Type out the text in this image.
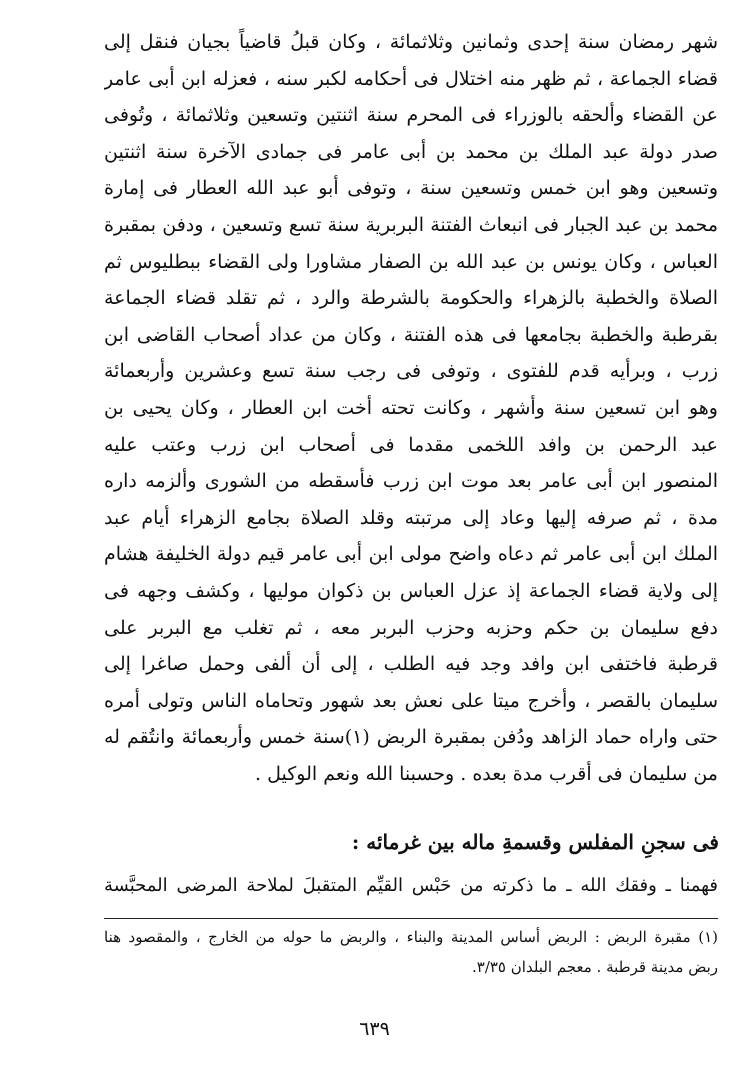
شهر رمضان سنة إحدى وثمانين وثلاثمائة ، وكان قبلُ قاضياً بجيان فنقل إلى
قضاء الجماعة ، ثم ظهر منه اختلال فى أحكامه لكبر سنه ، فعزله ابن أبى عامر
عن القضاء وألحقه بالوزراء فى المحرم سنة اثنتين وتسعين وثلاثمائة ، وتُوفى
صدر دولة عبد الملك بن محمد بن أبى عامر فى جمادى الآخرة سنة اثنتين
وتسعين وهو ابن خمس وتسعين سنة ، وتوفى أبو عبد الله العطار فى إمارة
محمد بن عبد الجبار فى انبعاث الفتنة البربرية سنة تسع وتسعين ، ودفن بمقبرة
العباس ، وكان يونس بن عبد الله بن الصفار مشاورا ولى القضاء ببطليوس ثم
الصلاة والخطبة بالزهراء والحكومة بالشرطة والرد ، ثم تقلد قضاء الجماعة
بقرطبة والخطبة بجامعها فى هذه الفتنة ، وكان من عداد أصحاب القاضى ابن
زرب ، وبرأيه قدم للفتوى ، وتوفى فى رجب سنة تسع وعشرين وأربعمائة
وهو ابن تسعين سنة وأشهر ، وكانت تحته أخت ابن العطار ، وكان يحيى بن
عبد الرحمن بن وافد اللخمى مقدما فى أصحاب ابن زرب وعتب عليه
المنصور ابن أبى عامر بعد موت ابن زرب فأسقطه من الشورى وألزمه داره
مدة ، ثم صرفه إليها وعاد إلى مرتبته وقلد الصلاة بجامع الزهراء أيام عبد
الملك ابن أبى عامر ثم دعاه واضح مولى ابن أبى عامر قيم دولة الخليفة هشام
إلى ولاية قضاء الجماعة إذ عزل العباس بن ذكوان موليها ، وكشف وجهه فى
دفع سليمان بن حكم وحزبه وحزب البربر معه ، ثم تغلب مع البربر على
قرطبة فاختفى ابن وافد وجد فيه الطلب ، إلى أن ألفى وحمل صاغرا إلى
سليمان بالقصر ، وأخرج ميتا على نعش بعد شهور وتحاماه الناس وتولى أمره
حتى واراه حماد الزاهد ودُفن بمقبرة الربض (١)سنة خمس وأربعمائة وانتُقم له
من سليمان فى أقرب مدة بعده . وحسبنا الله ونعم الوكيل .
فى سجنِ المفلس وقسمةِ ماله بين غرمائه :
فهمنا ـ وفقك الله ـ ما ذكرته من حَبْس القيِّم المتقبلَ لملاحة المرضى المحبَّسة
(١) مقبرة الربض : الربض أساس المدينة والبناء ، والربض ما حوله من الخارج ، والمقصود هنا
ربض مدينة قرطبة . معجم البلدان ٣/٣٥.
٦٣٩
